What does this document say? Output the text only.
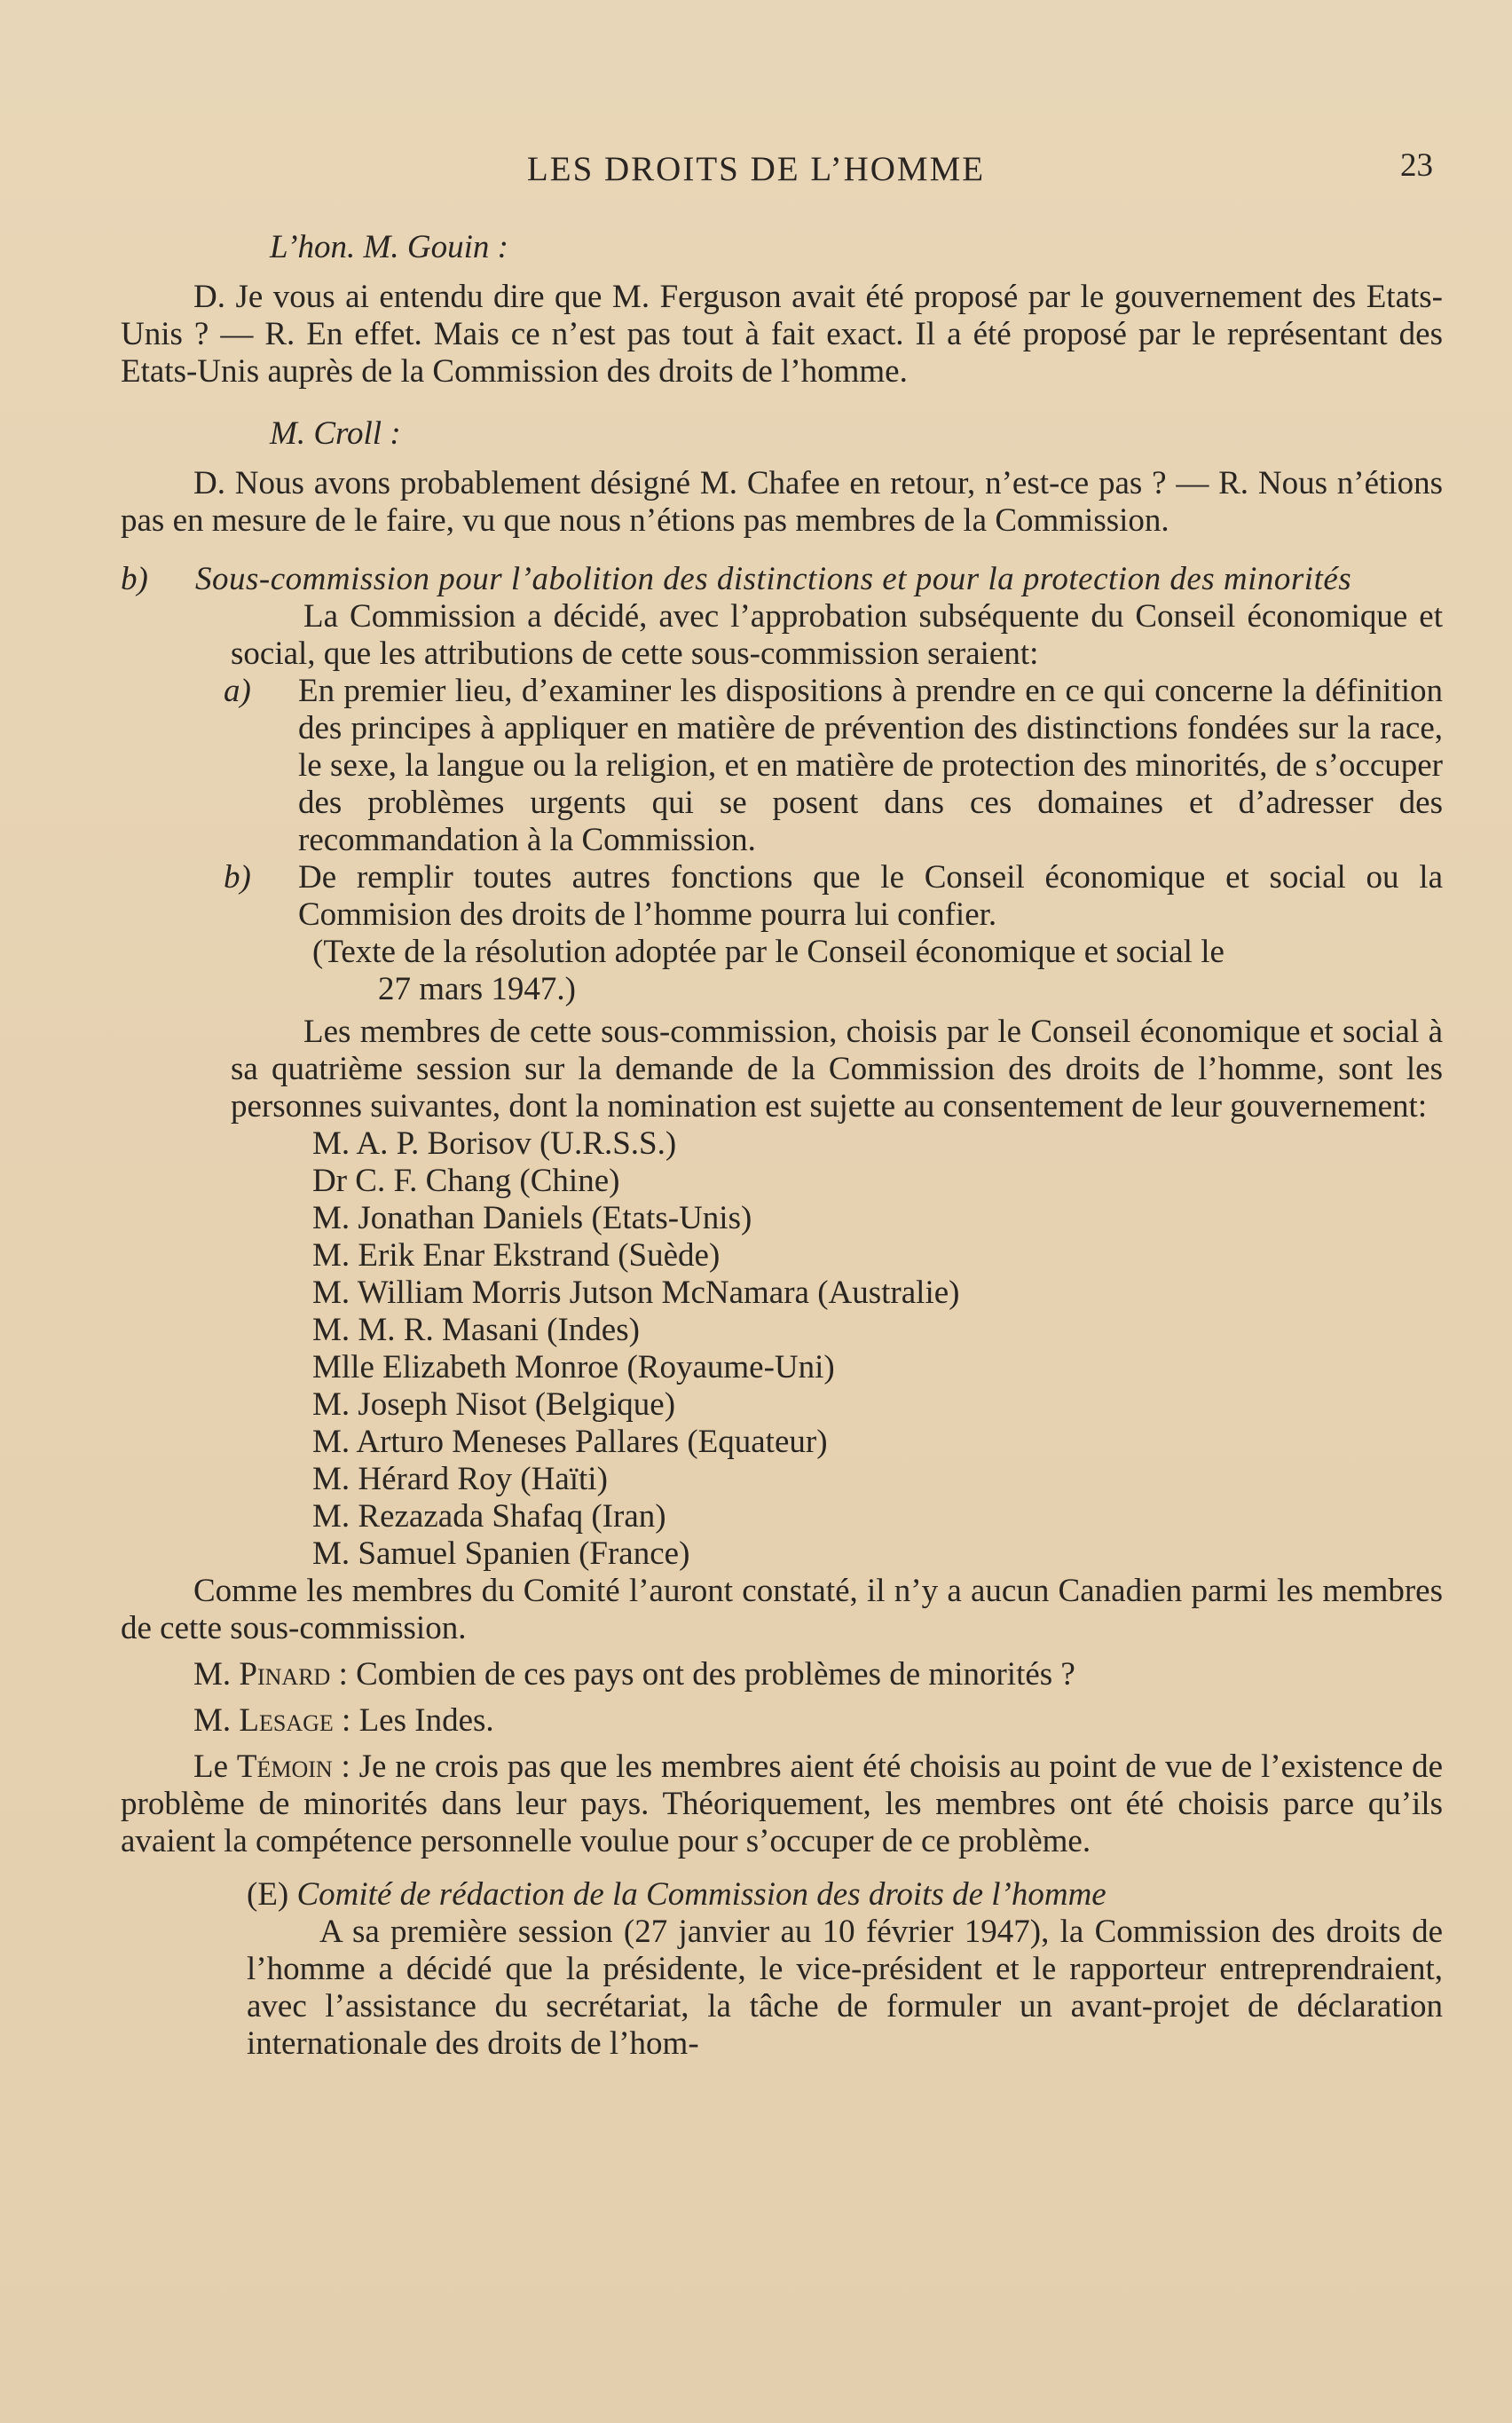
LES DROITS DE L’HOMME	23
L’hon. M. Gouin :

D. Je vous ai entendu dire que M. Ferguson avait été proposé par le gouvernement des Etats-Unis ? — R. En effet. Mais ce n’est pas tout à fait exact. Il a été proposé par le représentant des Etats-Unis auprès de la Commission des droits de l’homme.

M. Croll :

D. Nous avons probablement désigné M. Chafee en retour, n’est-ce pas ? — R. Nous n’étions pas en mesure de le faire, vu que nous n’étions pas membres de la Commission.

b)	Sous-commission pour l’abolition des distinctions et pour la protection des minorités

La Commission a décidé, avec l’approbation subséquente du Conseil économique et social, que les attributions de cette sous-commission seraient:

a)	En premier lieu, d’examiner les dispositions à prendre en ce qui concerne la définition des principes à appliquer en matière de prévention des distinctions fondées sur la race, le sexe, la langue ou la religion, et en matière de protection des minorités, de s’occuper des problèmes urgents qui se posent dans ces domaines et d’adresser des recommandation à la Commission.
b)	De remplir toutes autres fonctions que le Conseil économique et social ou la Commision des droits de l’homme pourra lui confier.
(Texte de la résolution adoptée par le Conseil économique et social le
27 mars 1947.)

Les membres de cette sous-commission, choisis par le Conseil économique et social à sa quatrième session sur la demande de la Commission des droits de l’homme, sont les personnes suivantes, dont la nomination est sujette au consentement de leur gouvernement:

M. A. P. Borisov (U.R.S.S.)
Dr C. F. Chang (Chine)
M. Jonathan Daniels (Etats-Unis)
M. Erik Enar Ekstrand (Suède)
M. William Morris Jutson McNamara (Australie)
M. M. R. Masani (Indes)
Mlle Elizabeth Monroe (Royaume-Uni)
M. Joseph Nisot (Belgique)
M. Arturo Meneses Pallares (Equateur)
M. Hérard Roy (Haïti)
M. Rezazada Shafaq (Iran)
M. Samuel Spanien (France)

Comme les membres du Comité l’auront constaté, il n’y a aucun Canadien parmi les membres de cette sous-commission.

M. Pinard : Combien de ces pays ont des problèmes de minorités ?

M. Lesage : Les Indes.

Le Témoin : Je ne crois pas que les membres aient été choisis au point de vue de l’existence de problème de minorités dans leur pays. Théoriquement, les membres ont été choisis parce qu’ils avaient la compétence personnelle voulue pour s’occuper de ce problème.

(E) Comité de rédaction de la Commission des droits de l’homme

A sa première session (27 janvier au 10 février 1947), la Commission des droits de l’homme a décidé que la présidente, le vice-président et le rapporteur entreprendraient, avec l’assistance du secrétariat, la tâche de formuler un avant-projet de déclaration internationale des droits de l’hom-
